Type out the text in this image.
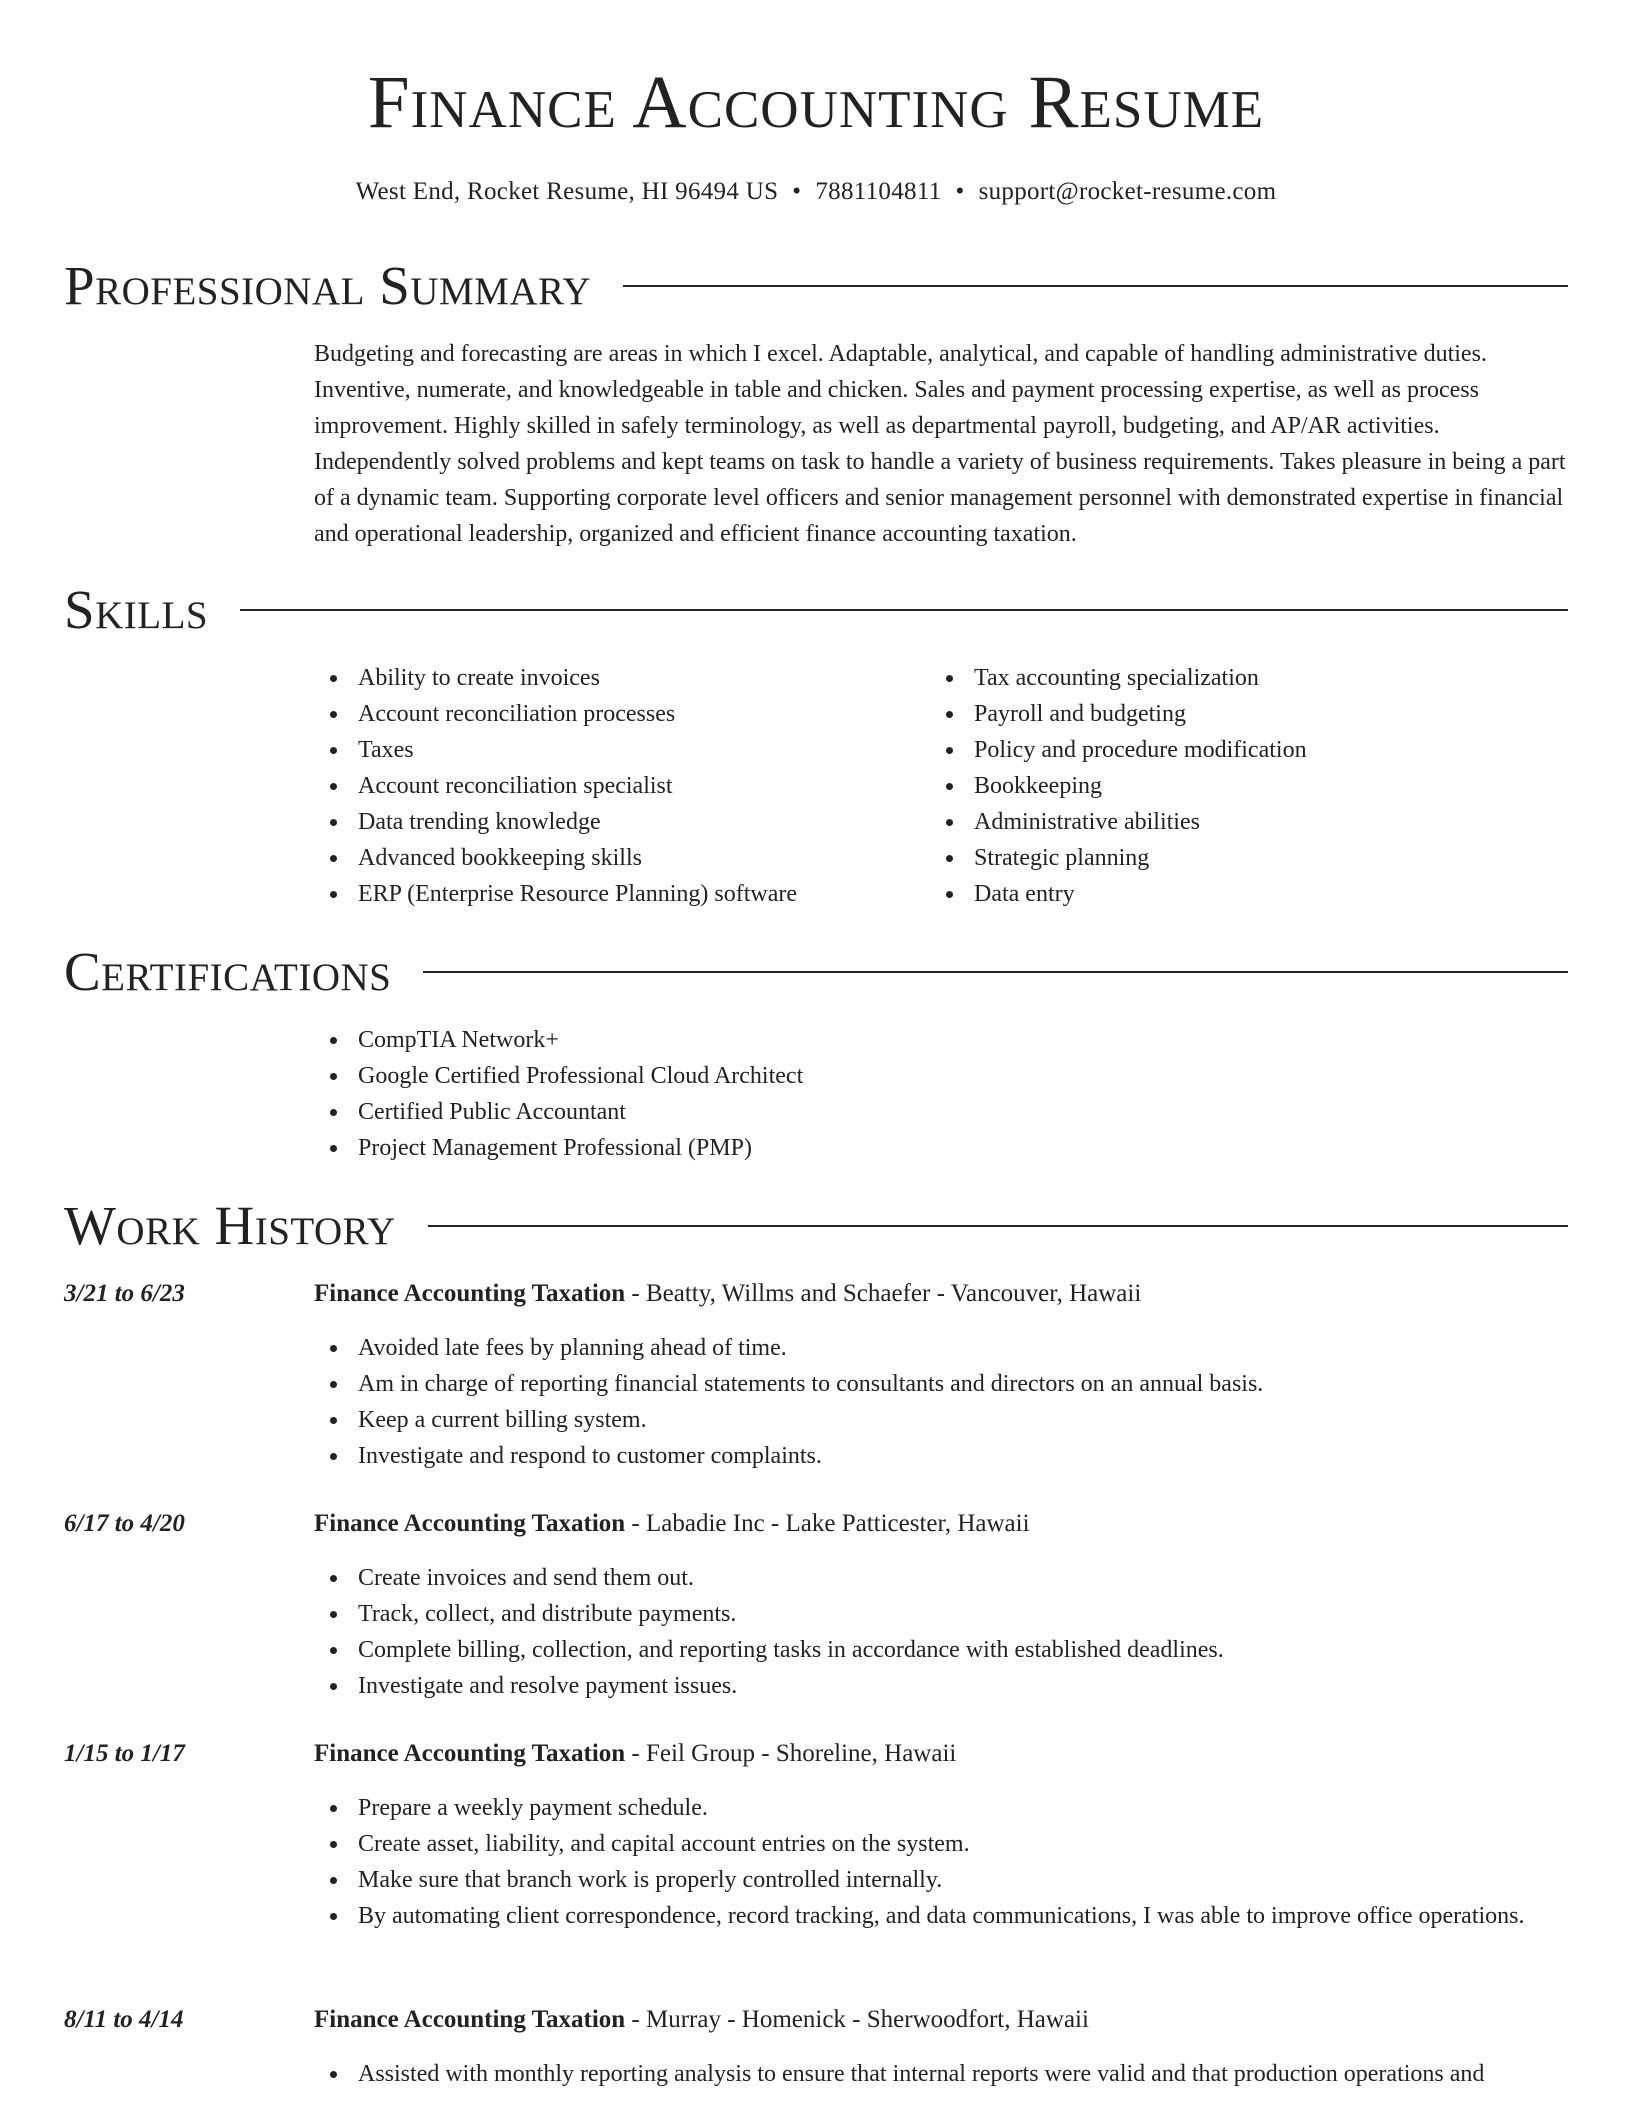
Finance Accounting Resume
West End, Rocket Resume, HI 96494 US • 7881104811 • support@rocket-resume.com
Professional Summary

Budgeting and forecasting are areas in which I excel. Adaptable, analytical, and capable of handling administrative duties. Inventive, numerate, and knowledgeable in table and chicken. Sales and payment processing expertise, as well as process improvement. Highly skilled in safely terminology, as well as departmental payroll, budgeting, and AP/AR activities. Independently solved problems and kept teams on task to handle a variety of business requirements. Takes pleasure in being a part of a dynamic team. Supporting corporate level officers and senior management personnel with demonstrated expertise in financial and operational leadership, organized and efficient finance accounting taxation.

Skills
Ability to create invoices
Account reconciliation processes
Taxes
Account reconciliation specialist
Data trending knowledge
Advanced bookkeeping skills
ERP (Enterprise Resource Planning) software
Tax accounting specialization
Payroll and budgeting
Policy and procedure modification
Bookkeeping
Administrative abilities
Strategic planning
Data entry
Certifications
CompTIA Network+
Google Certified Professional Cloud Architect
Certified Public Accountant
Project Management Professional (PMP)
Work History
3/21 to 6/23	Finance Accounting Taxation - Beatty, Willms and Schaefer - Vancouver, Hawaii
Avoided late fees by planning ahead of time.
Am in charge of reporting financial statements to consultants and directors on an annual basis.
Keep a current billing system.
Investigate and respond to customer complaints.
6/17 to 4/20	Finance Accounting Taxation - Labadie Inc - Lake Patticester, Hawaii
Create invoices and send them out.
Track, collect, and distribute payments.
Complete billing, collection, and reporting tasks in accordance with established deadlines.
Investigate and resolve payment issues.
1/15 to 1/17	Finance Accounting Taxation - Feil Group - Shoreline, Hawaii
Prepare a weekly payment schedule.
Create asset, liability, and capital account entries on the system.
Make sure that branch work is properly controlled internally.
By automating client correspondence, record tracking, and data communications, I was able to improve office operations.
8/11 to 4/14	Finance Accounting Taxation - Murray - Homenick - Sherwoodfort, Hawaii
Assisted with monthly reporting analysis to ensure that internal reports were valid and that production operations and
